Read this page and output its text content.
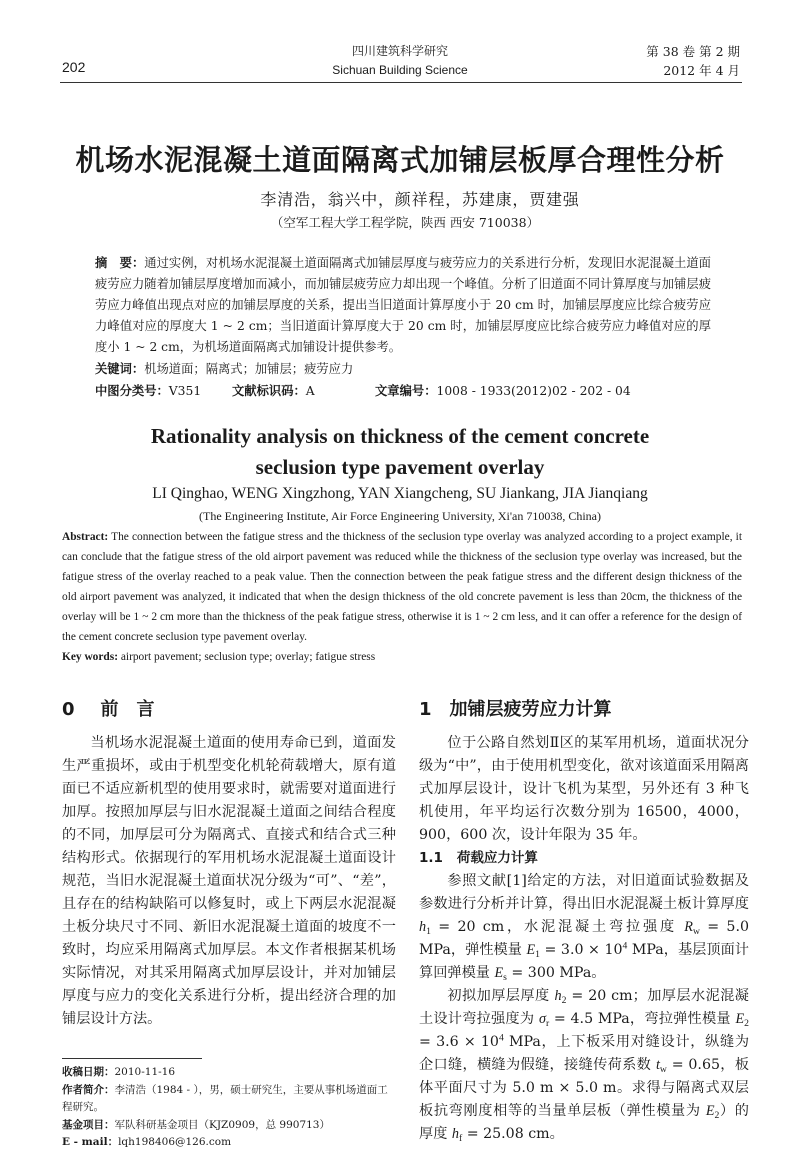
202
四川建筑科学研究
Sichuan Building Science
第 38 卷 第 2 期
2012 年 4 月
机场水泥混凝土道面隔离式加铺层板厚合理性分析
李清浩，翁兴中，颜祥程，苏建康，贾建强
（空军工程大学工程学院，陕西 西安 710038）

摘　要：通过实例，对机场水泥混凝土道面隔离式加铺层厚度与疲劳应力的关系进行分析，发现旧水泥混凝土道面疲劳应力随着加铺层厚度增加而减小，而加铺层疲劳应力却出现一个峰值。分析了旧道面不同计算厚度与加铺层疲劳应力峰值出现点对应的加铺层厚度的关系，提出当旧道面计算厚度小于 20 cm 时，加铺层厚度应比综合疲劳应力峰值对应的厚度大 1 ~ 2 cm；当旧道面计算厚度大于 20 cm 时，加铺层厚度应比综合疲劳应力峰值对应的厚度小 1 ~ 2 cm，为机场道面隔离式加铺设计提供参考。

关键词：机场道面；隔离式；加铺层；疲劳应力

中图分类号：V351	文献标识码：A	文章编号：1008 - 1933(2012)02 - 202 - 04

Rationality analysis on thickness of the cement concrete
seclusion type pavement overlay
LI Qinghao, WENG Xingzhong, YAN Xiangcheng, SU Jiankang, JIA Jianqiang
(The Engineering Institute, Air Force Engineering University, Xi'an 710038, China)

Abstract: The connection between the fatigue stress and the thickness of the seclusion type overlay was analyzed according to a project example, it can conclude that the fatigue stress of the old airport pavement was reduced while the thickness of the seclusion type overlay was increased, but the fatigue stress of the overlay reached to a peak value. Then the connection between the peak fatigue stress and the different design thickness of the old airport pavement was analyzed, it indicated that when the design thickness of the old concrete pavement is less than 20cm, the thickness of the overlay will be 1 ~ 2 cm more than the thickness of the peak fatigue stress, otherwise it is 1 ~ 2 cm less, and it can offer a reference for the design of the cement concrete seclusion type pavement overlay.

Key words: airport pavement; seclusion type; overlay; fatigue stress

0 前　言

当机场水泥混凝土道面的使用寿命已到，道面发生严重损坏，或由于机型变化机轮荷载增大，原有道面已不适应新机型的使用要求时，就需要对道面进行加厚。按照加厚层与旧水泥混凝土道面之间结合程度的不同，加厚层可分为隔离式、直接式和结合式三种结构形式。依据现行的军用机场水泥混凝土道面设计规范，当旧水泥混凝土道面状况分级为“可”、“差”，且存在的结构缺陷可以修复时，或上下两层水泥混凝土板分块尺寸不同、新旧水泥混凝土道面的坡度不一致时，均应采用隔离式加厚层。本文作者根据某机场实际情况，对其采用隔离式加厚层设计，并对加铺层厚度与应力的变化关系进行分析，提出经济合理的加铺层设计方法。

收稿日期：2010-11-16
作者简介：李清浩（1984 - ），男，硕士研究生，主要从事机场道面工程研究。
基金项目：军队科研基金项目（KJZ0909，总 990713）
E - mail：lqh198406@126.com
1 加铺层疲劳应力计算

位于公路自然划Ⅱ区的某军用机场，道面状况分级为“中”，由于使用机型变化，欲对该道面采用隔离式加厚层设计，设计飞机为某型，另外还有 3 种飞机使用，年平均运行次数分别为 16500，4000，900，600 次，设计年限为 35 年。

1.1 荷载应力计算

参照文献[1]给定的方法，对旧道面试验数据及参数进行分析并计算，得出旧水泥混凝土板计算厚度 $h_1 = 20$ cm，水泥混凝土弯拉强度 $R_w = 5.0$ MPa，弹性模量 $E_1 = 3.0 \times 10^4$ MPa，基层顶面计算回弹模量 $E_s = 300$ MPa。

初拟加厚层厚度 $h_2 = 20$ cm；加厚层水泥混凝土设计弯拉强度为 $\sigma_r = 4.5$ MPa，弯拉弹性模量 $E_2 = 3.6 \times 10^4$ MPa，上下板采用对缝设计，纵缝为企口缝，横缝为假缝，接缝传荷系数 $t_w = 0.65$，板体平面尺寸为 5.0 m × 5.0 m。求得与隔离式双层板抗弯刚度相等的当量单层板（弹性模量为 $E_2$）的厚度 $h_f = 25.08$ cm。
